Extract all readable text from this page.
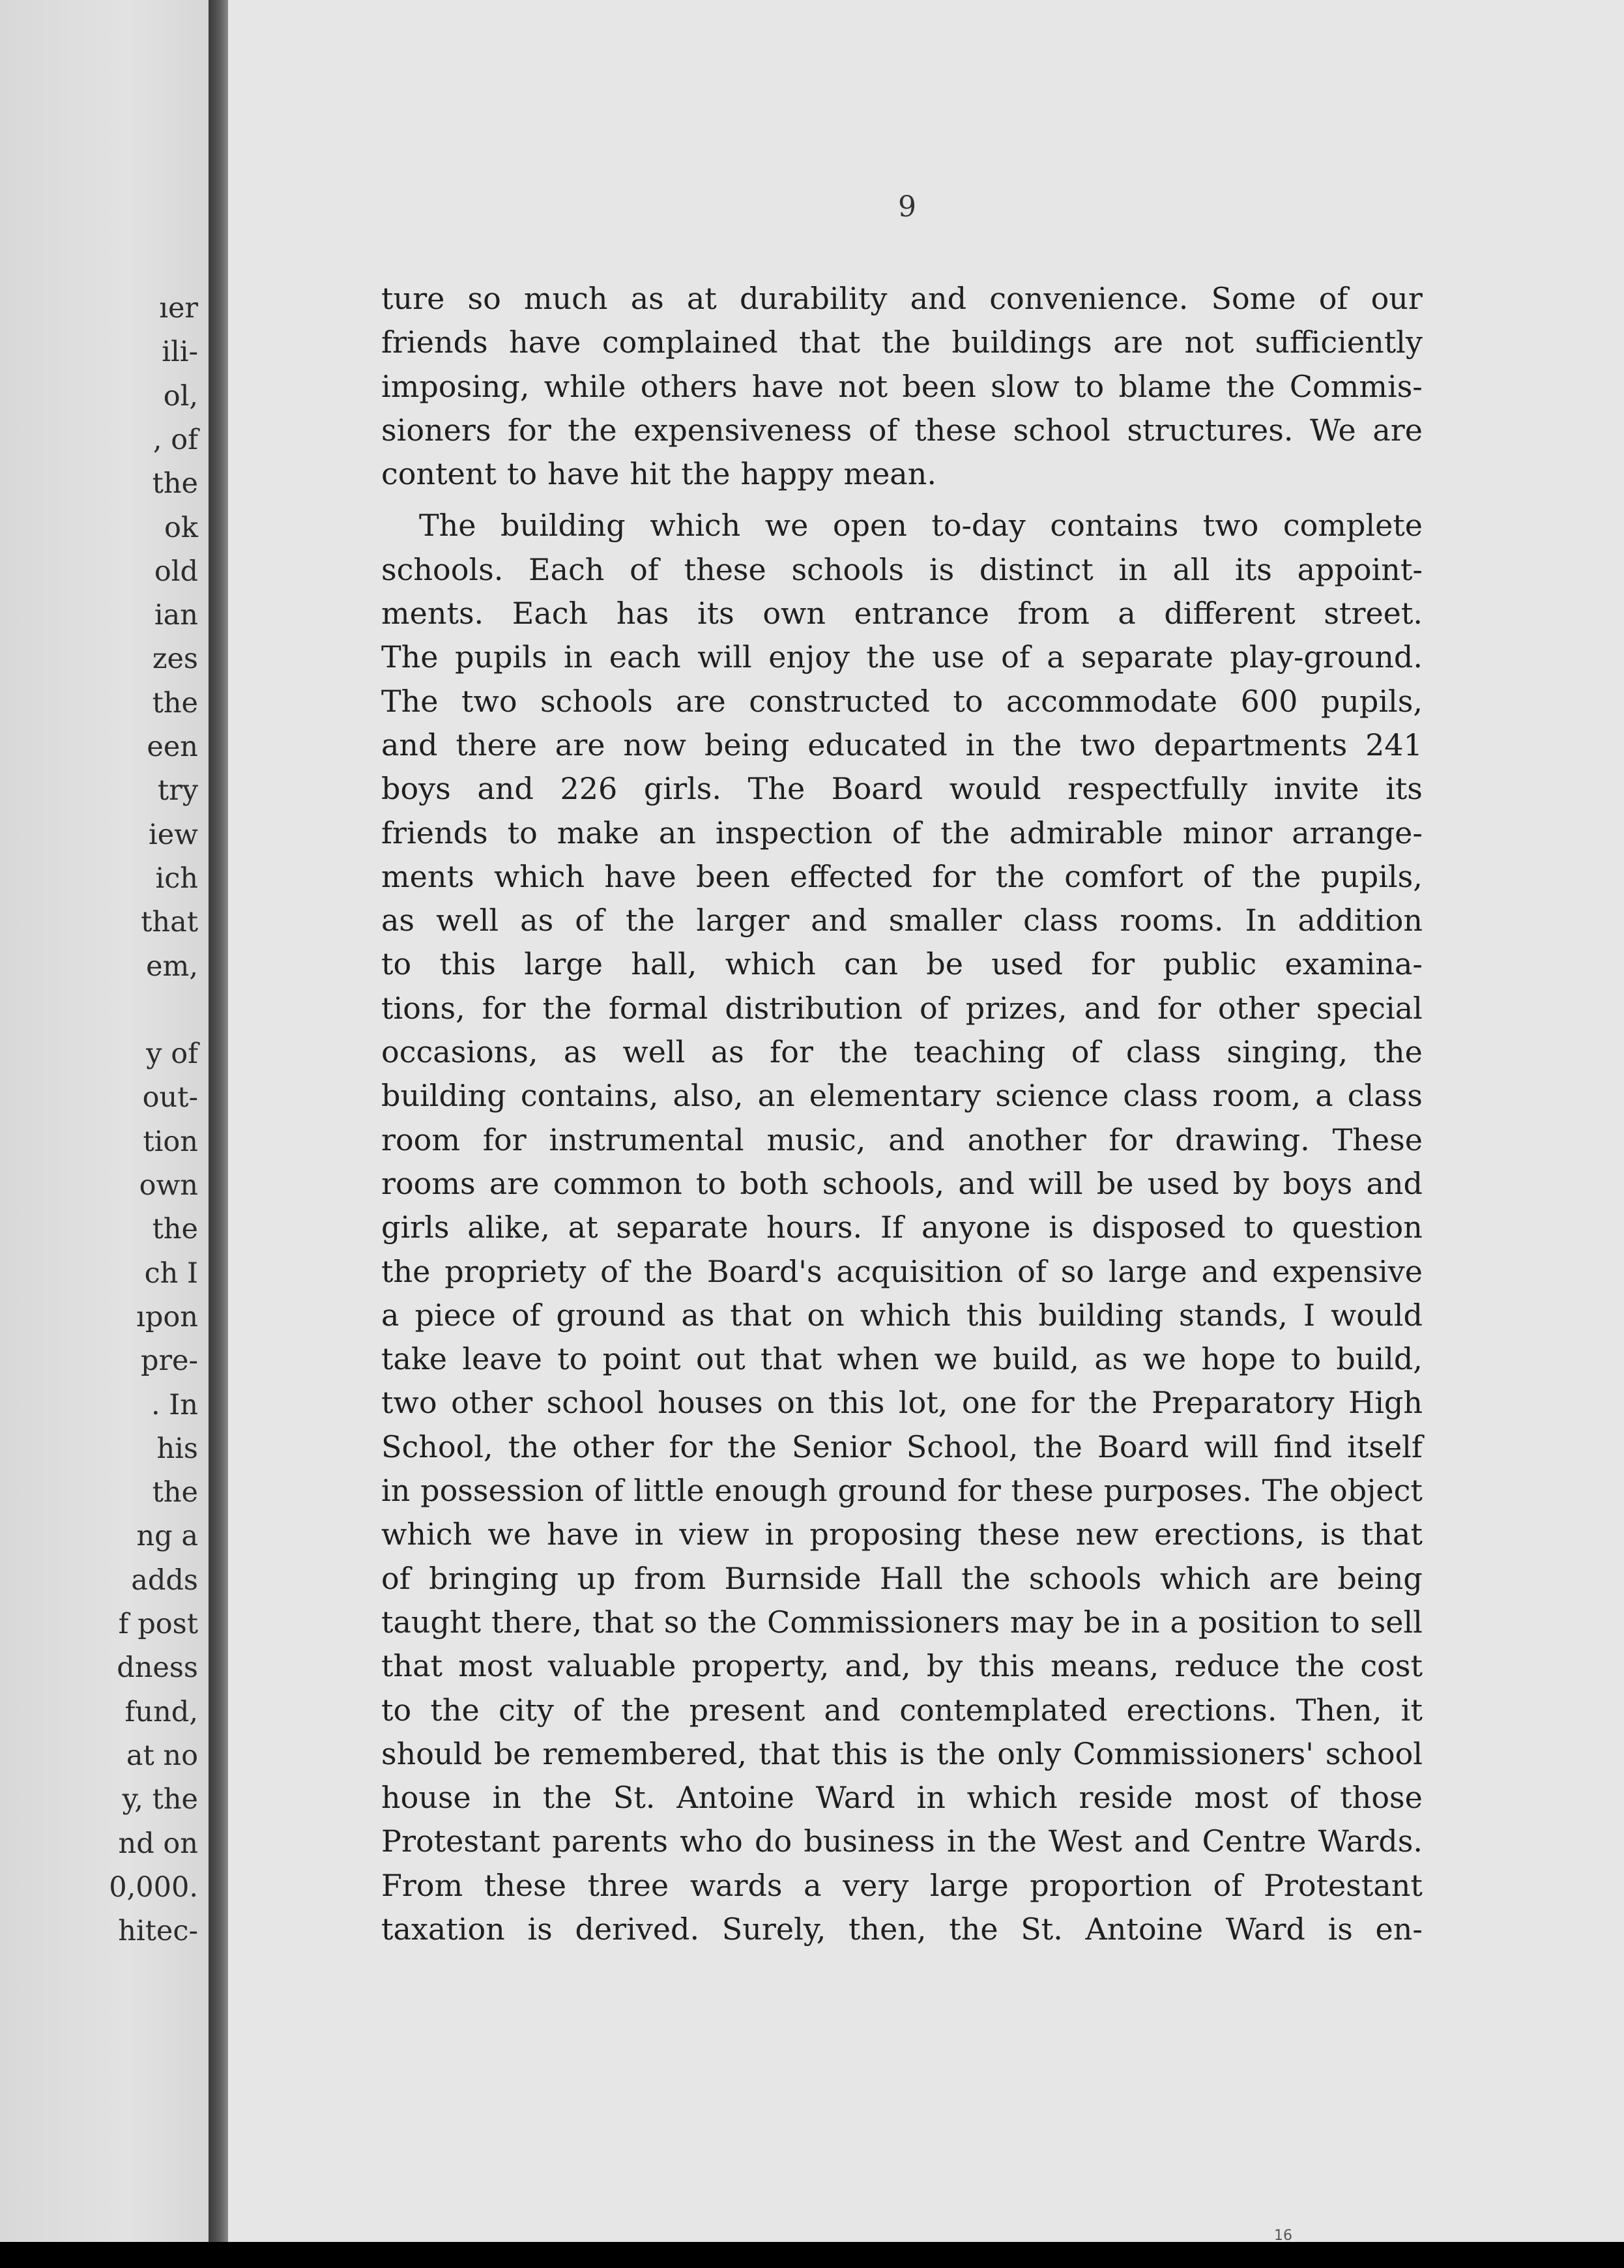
ıer
ili-
ol,
, of
the
ok
old
ian
zes
the
een
try
iew
ich
that
em,
y of
out-
tion
own
the
ch I
ıpon
pre-
. In
his
the
ng a
adds
f post
dness
fund,
at no
y, the
nd on
0,000.
hitec-
9
ture so much as at durability and convenience. Some of our
friends have complained that the buildings are not sufficiently
imposing, while others have not been slow to blame the Commis-
sioners for the expensiveness of these school structures. We are
content to have hit the happy mean.
The building which we open to-day contains two complete
schools. Each of these schools is distinct in all its appoint-
ments. Each has its own entrance from a different street.
The pupils in each will enjoy the use of a separate play-ground.
The two schools are constructed to accommodate 600 pupils,
and there are now being educated in the two departments 241
boys and 226 girls. The Board would respectfully invite its
friends to make an inspection of the admirable minor arrange-
ments which have been effected for the comfort of the pupils,
as well as of the larger and smaller class rooms. In addition
to this large hall, which can be used for public examina-
tions, for the formal distribution of prizes, and for other special
occasions, as well as for the teaching of class singing, the
building contains, also, an elementary science class room, a class
room for instrumental music, and another for drawing. These
rooms are common to both schools, and will be used by boys and
girls alike, at separate hours. If anyone is disposed to question
the propriety of the Board's acquisition of so large and expensive
a piece of ground as that on which this building stands, I would
take leave to point out that when we build, as we hope to build,
two other school houses on this lot, one for the Preparatory High
School, the other for the Senior School, the Board will find itself
in possession of little enough ground for these purposes. The object
which we have in view in proposing these new erections, is that
of bringing up from Burnside Hall the schools which are being
taught there, that so the Commissioners may be in a position to sell
that most valuable property, and, by this means, reduce the cost
to the city of the present and contemplated erections. Then, it
should be remembered, that this is the only Commissioners' school
house in the St. Antoine Ward in which reside most of those
Protestant parents who do business in the West and Centre Wards.
From these three wards a very large proportion of Protestant
taxation is derived. Surely, then, the St. Antoine Ward is en-
16
